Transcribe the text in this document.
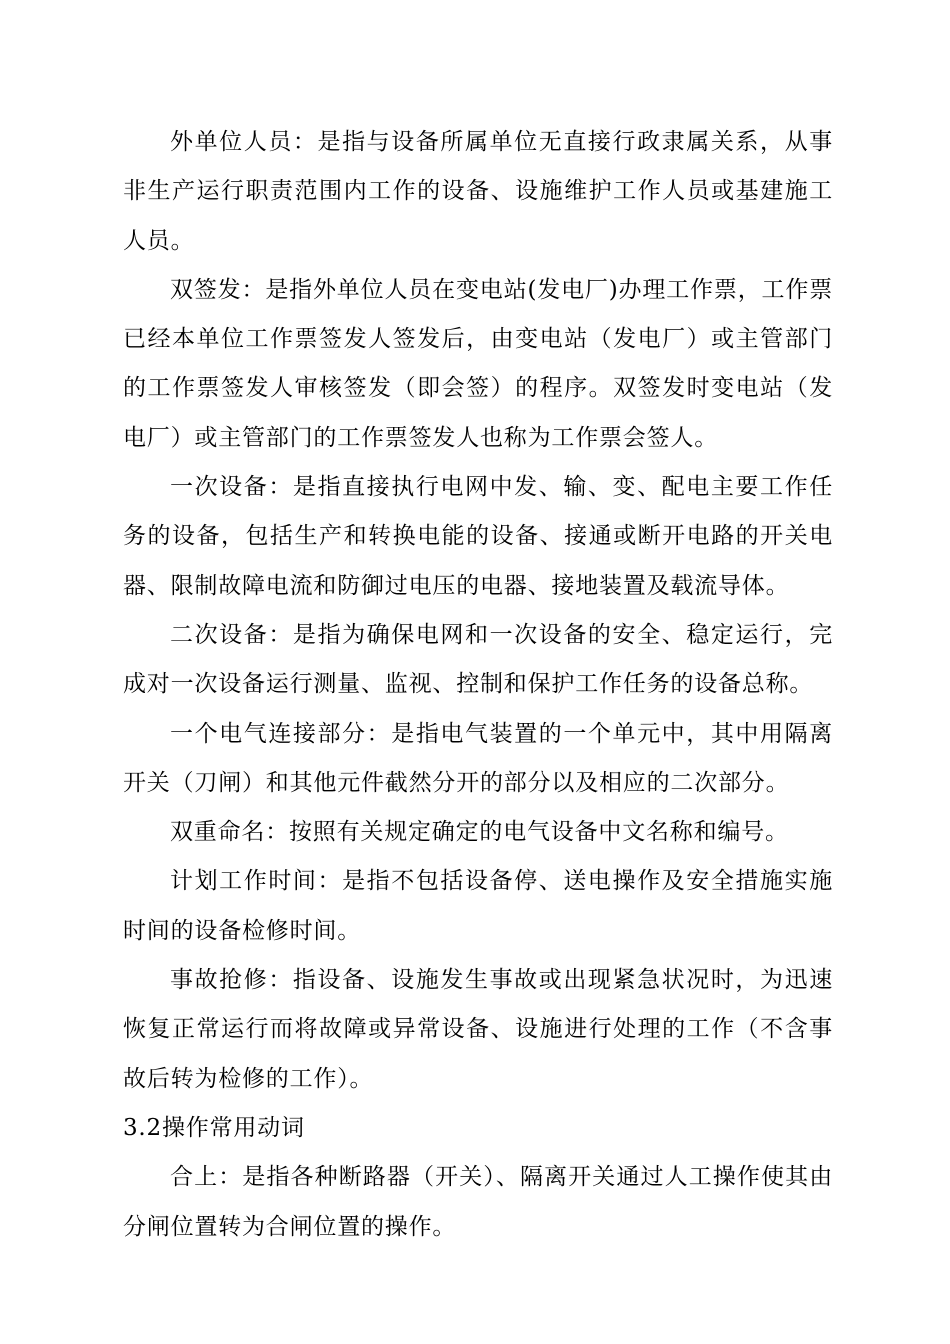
外单位人员：是指与设备所属单位无直接行政隶属关系，从事非生产运行职责范围内工作的设备、设施维护工作人员或基建施工人员。

双签发：是指外单位人员在变电站(发电厂)办理工作票，工作票已经本单位工作票签发人签发后，由变电站（发电厂）或主管部门的工作票签发人审核签发（即会签）的程序。双签发时变电站（发电厂）或主管部门的工作票签发人也称为工作票会签人。

一次设备：是指直接执行电网中发、输、变、配电主要工作任务的设备，包括生产和转换电能的设备、接通或断开电路的开关电器、限制故障电流和防御过电压的电器、接地装置及载流导体。

二次设备：是指为确保电网和一次设备的安全、稳定运行，完成对一次设备运行测量、监视、控制和保护工作任务的设备总称。

一个电气连接部分：是指电气装置的一个单元中，其中用隔离开关（刀闸）和其他元件截然分开的部分以及相应的二次部分。

双重命名：按照有关规定确定的电气设备中文名称和编号。

计划工作时间：是指不包括设备停、送电操作及安全措施实施时间的设备检修时间。

事故抢修：指设备、设施发生事故或出现紧急状况时，为迅速恢复正常运行而将故障或异常设备、设施进行处理的工作（不含事故后转为检修的工作）。

3.2操作常用动词

合上：是指各种断路器（开关）、隔离开关通过人工操作使其由分闸位置转为合闸位置的操作。
